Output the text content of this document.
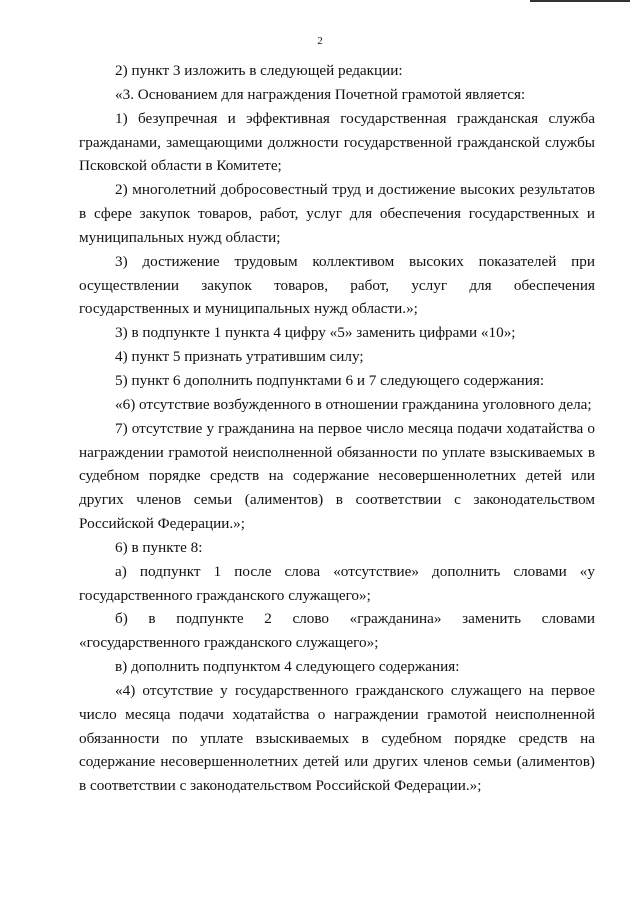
2

2) пункт 3 изложить в следующей редакции:

«3. Основанием для награждения Почетной грамотой является:

1) безупречная и эффективная государственная гражданская служба гражданами, замещающими должности государственной гражданской службы Псковской области в Комитете;

2) многолетний добросовестный труд и достижение высоких результатов в сфере закупок товаров, работ, услуг для обеспечения государственных и муниципальных нужд области;

3) достижение трудовым коллективом высоких показателей при осуществлении закупок товаров, работ, услуг для обеспечения государственных и муниципальных нужд области.»;

3) в подпункте 1 пункта 4 цифру «5» заменить цифрами «10»;

4) пункт 5 признать утратившим силу;

5) пункт 6 дополнить подпунктами 6 и 7 следующего содержания:

«6) отсутствие возбужденного в отношении гражданина уголовного дела;

7) отсутствие у гражданина на первое число месяца подачи ходатайства о награждении грамотой неисполненной обязанности по уплате взыскиваемых в судебном порядке средств на содержание несовершеннолетних детей или других членов семьи (алиментов) в соответствии с законодательством Российской Федерации.»;

6) в пункте 8:

а) подпункт 1 после слова «отсутствие» дополнить словами «у государственного гражданского служащего»;

б) в подпункте 2 слово «гражданина» заменить словами «государственного гражданского служащего»;

в) дополнить подпунктом 4 следующего содержания:

«4) отсутствие у государственного гражданского служащего на первое число месяца подачи ходатайства о награждении грамотой неисполненной обязанности по уплате взыскиваемых в судебном порядке средств на содержание несовершеннолетних детей или других членов семьи (алиментов) в соответствии с законодательством Российской Федерации.»;
